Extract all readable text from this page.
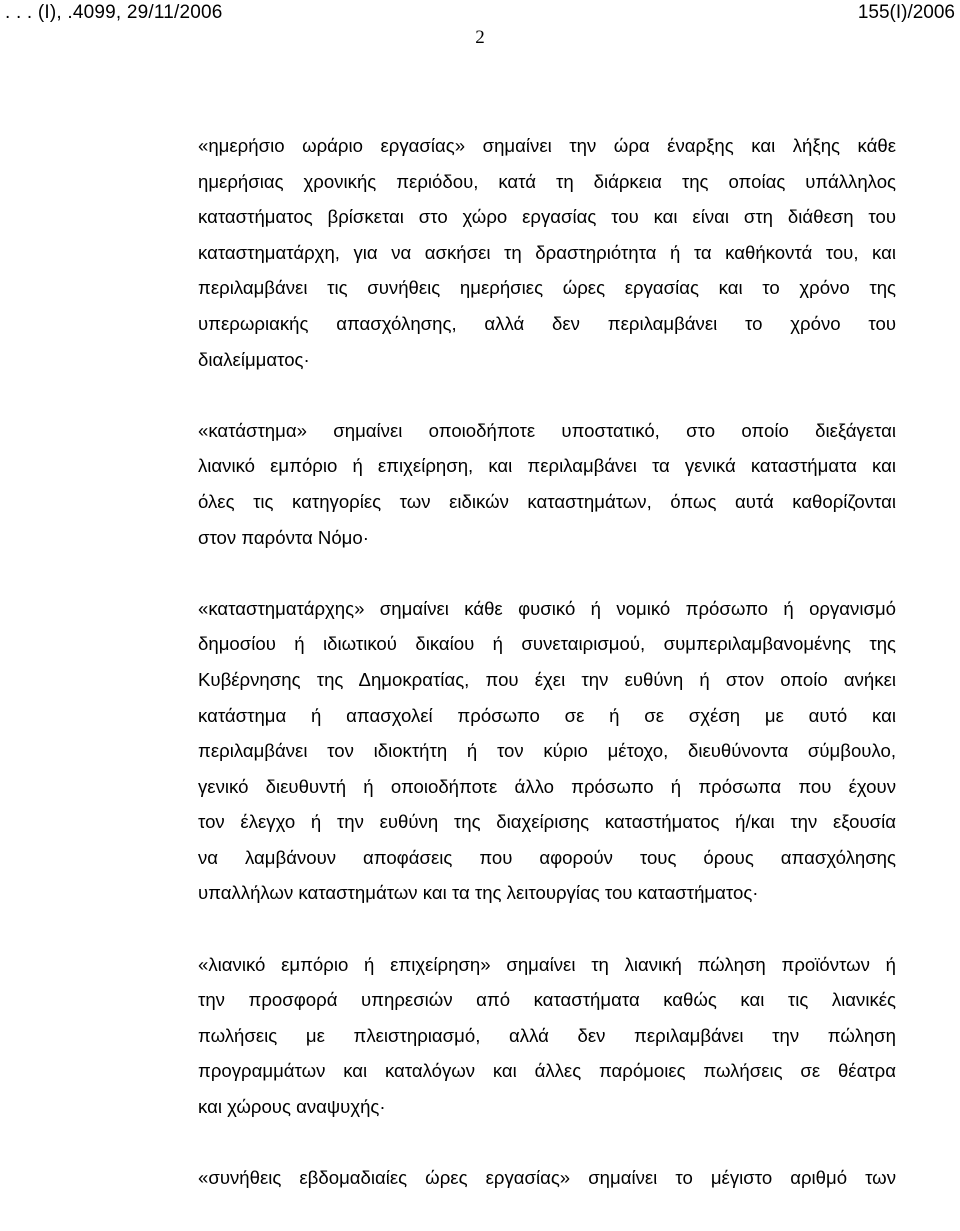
. . . (Ι), .4099, 29/11/2006	155(Ι)/2006
2
«ημερήσιο ωράριο εργασίας» σημαίνει την ώρα έναρξης και λήξης κάθε
ημερήσιας χρονικής περιόδου, κατά τη διάρκεια της οποίας υπάλληλος
καταστήματος βρίσκεται στο χώρο εργασίας του και είναι στη διάθεση του
καταστηματάρχη, για να ασκήσει τη δραστηριότητα ή τα καθήκοντά του, και
περιλαμβάνει τις συνήθεις ημερήσιες ώρες εργασίας και το χρόνο της
υπερωριακής απασχόλησης, αλλά δεν περιλαμβάνει το χρόνο του
διαλείμματος·
«κατάστημα» σημαίνει οποιοδήποτε υποστατικό, στο οποίο διεξάγεται
λιανικό εμπόριο ή επιχείρηση, και περιλαμβάνει τα γενικά καταστήματα και
όλες τις κατηγορίες των ειδικών καταστημάτων, όπως αυτά καθορίζονται
στον παρόντα Νόμο·
«καταστηματάρχης» σημαίνει κάθε φυσικό ή νομικό πρόσωπο ή οργανισμό
δημοσίου ή ιδιωτικού δικαίου ή συνεταιρισμού, συμπεριλαμβανομένης της
Κυβέρνησης της Δημοκρατίας, που έχει την ευθύνη ή στον οποίο ανήκει
κατάστημα ή απασχολεί πρόσωπο σε ή σε σχέση με αυτό και
περιλαμβάνει τον ιδιοκτήτη ή τον κύριο μέτοχο, διευθύνοντα σύμβουλο,
γενικό διευθυντή ή οποιοδήποτε άλλο πρόσωπο ή πρόσωπα που έχουν
τον έλεγχο ή την ευθύνη της διαχείρισης καταστήματος ή/και την εξουσία
να λαμβάνουν αποφάσεις που αφορούν τους όρους απασχόλησης
υπαλλήλων καταστημάτων και τα της λειτουργίας του καταστήματος·
«λιανικό εμπόριο ή επιχείρηση» σημαίνει τη λιανική πώληση προϊόντων ή
την προσφορά υπηρεσιών από καταστήματα καθώς και τις λιανικές
πωλήσεις με πλειστηριασμό, αλλά δεν περιλαμβάνει την πώληση
προγραμμάτων και καταλόγων και άλλες παρόμοιες πωλήσεις σε θέατρα
και χώρους αναψυχής·
«συνήθεις εβδομαδιαίες ώρες εργασίας» σημαίνει το μέγιστο αριθμό των
